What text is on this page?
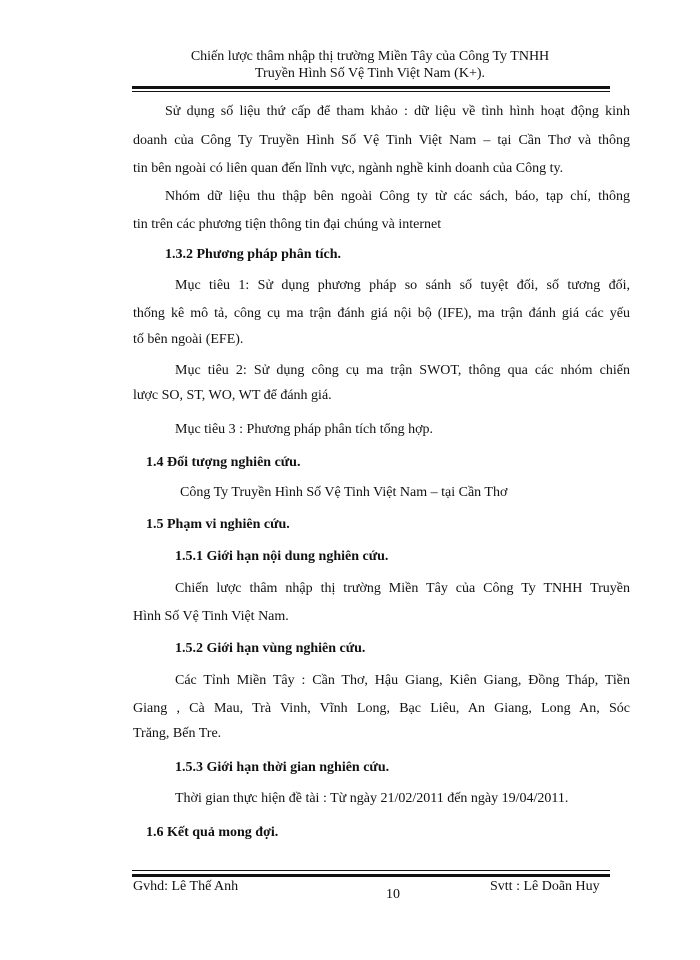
Chiến lược thâm nhập thị trường Miền Tây của Công Ty TNHH
Truyền Hình Số Vệ Tinh Việt Nam (K+).
Sử dụng số liệu thứ cấp để tham khảo : dữ liệu về tình hình hoạt động kinh
doanh của Công Ty Truyền Hình Số Vệ Tinh Việt Nam – tại Cần Thơ và thông
tin bên ngoài có liên quan đến lĩnh vực, ngành nghề kinh doanh của Công ty.
Nhóm dữ liệu thu thập bên ngoài Công ty từ các sách, báo, tạp chí, thông
tin trên các phương tiện thông tin đại chúng và internet
1.3.2 Phương pháp phân tích.
Mục tiêu 1: Sử dụng phương pháp so sánh số tuyệt đối, số tương đối,
thống kê mô tả, công cụ ma trận đánh giá nội bộ (IFE), ma trận đánh giá các yếu
tố bên ngoài (EFE).
Mục tiêu 2: Sử dụng công cụ ma trận SWOT, thông qua các nhóm chiến
lược SO, ST, WO, WT để đánh giá.
Mục tiêu 3 : Phương pháp phân tích tổng hợp.
1.4 Đối tượng nghiên cứu.
Công Ty Truyền Hình Số Vệ Tinh Việt Nam – tại Cần Thơ
1.5 Phạm vi nghiên cứu.
1.5.1 Giới hạn nội dung nghiên cứu.
Chiến lược thâm nhập thị trường Miền Tây của Công Ty TNHH Truyền
Hình Số Vệ Tinh Việt Nam.
1.5.2 Giới hạn vùng nghiên cứu.
Các Tỉnh Miền Tây : Cần Thơ, Hậu Giang, Kiên Giang, Đồng Tháp, Tiền
Giang , Cà Mau, Trà Vinh, Vĩnh Long, Bạc Liêu, An Giang, Long An, Sóc
Trăng, Bến Tre.
1.5.3 Giới hạn thời gian nghiên cứu.
Thời gian thực hiện đề tài : Từ ngày 21/02/2011 đến ngày 19/04/2011.
1.6 Kết quả mong đợi.
Gvhd: Lê Thế Anh
10
Svtt : Lê Doãn Huy
